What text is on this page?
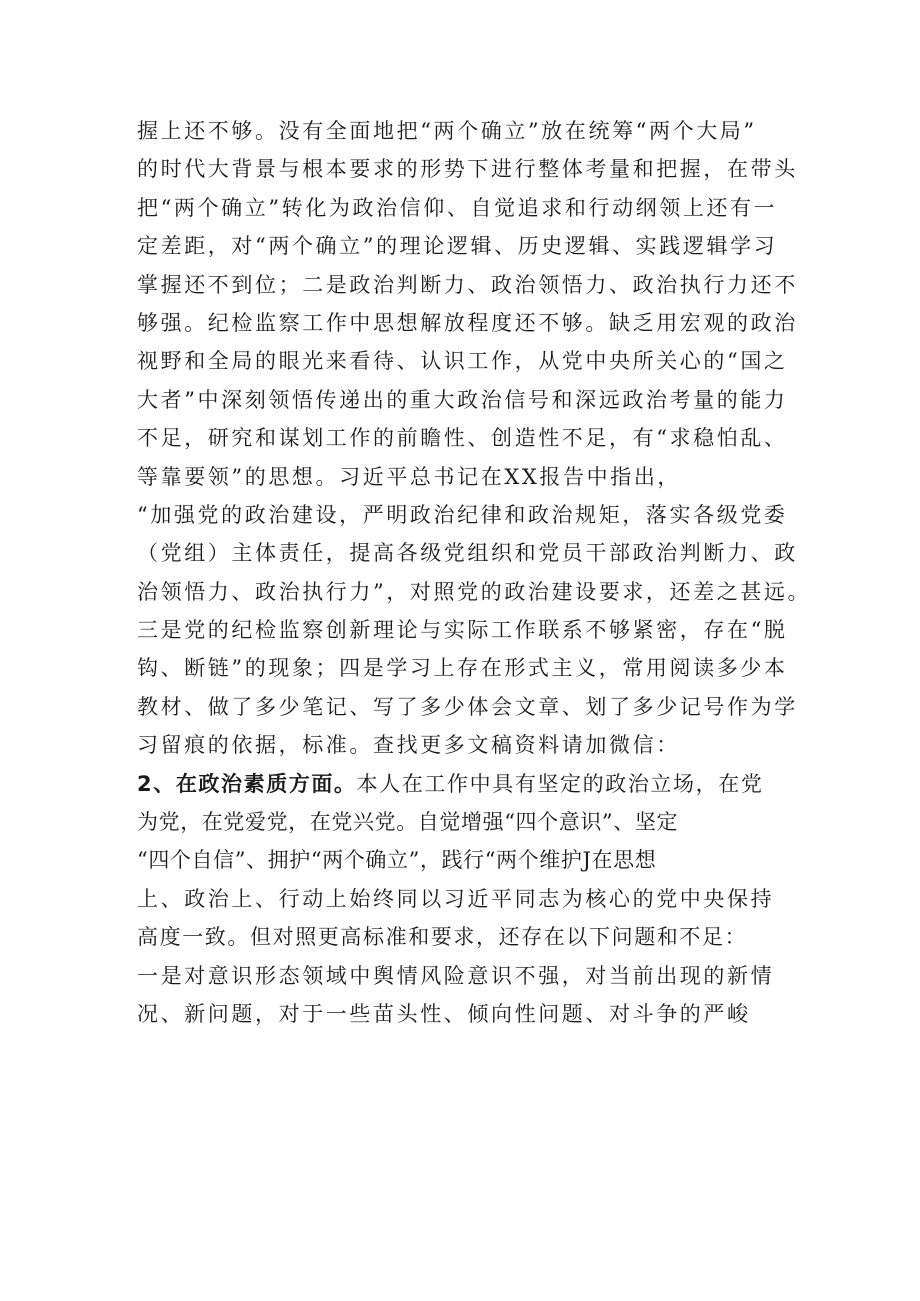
握上还不够。没有全面地把“两个确立”放在统筹“两个大局”
的时代大背景与根本要求的形势下进行整体考量和把握，在带头
把“两个确立”转化为政治信仰、自觉追求和行动纲领上还有一
定差距，对“两个确立”的理论逻辑、历史逻辑、实践逻辑学习
掌握还不到位；二是政治判断力、政治领悟力、政治执行力还不
够强。纪检监察工作中思想解放程度还不够。缺乏用宏观的政治
视野和全局的眼光来看待、认识工作，从党中央所关心的“国之
大者”中深刻领悟传递出的重大政治信号和深远政治考量的能力
不足，研究和谋划工作的前瞻性、创造性不足，有“求稳怕乱、
等靠要领”的思想。习近平总书记在XX报告中指出，
“加强党的政治建设，严明政治纪律和政治规矩，落实各级党委
（党组）主体责任，提高各级党组织和党员干部政治判断力、政
治领悟力、政治执行力”，对照党的政治建设要求，还差之甚远。
三是党的纪检监察创新理论与实际工作联系不够紧密，存在“脱
钩、断链”的现象；四是学习上存在形式主义，常用阅读多少本
教材、做了多少笔记、写了多少体会文章、划了多少记号作为学
习留痕的依据，标准。查找更多文稿资料请加微信：
2、在政治素质方面。本人在工作中具有坚定的政治立场，在党
为党，在党爱党，在党兴党。自觉增强“四个意识”、坚定
“四个自信”、拥护“两个确立”，践行“两个维护J在思想
上、政治上、行动上始终同以习近平同志为核心的党中央保持
高度一致。但对照更高标准和要求，还存在以下问题和不足：
一是对意识形态领域中舆情风险意识不强，对当前出现的新情
况、新问题，对于一些苗头性、倾向性问题、对斗争的严峻
